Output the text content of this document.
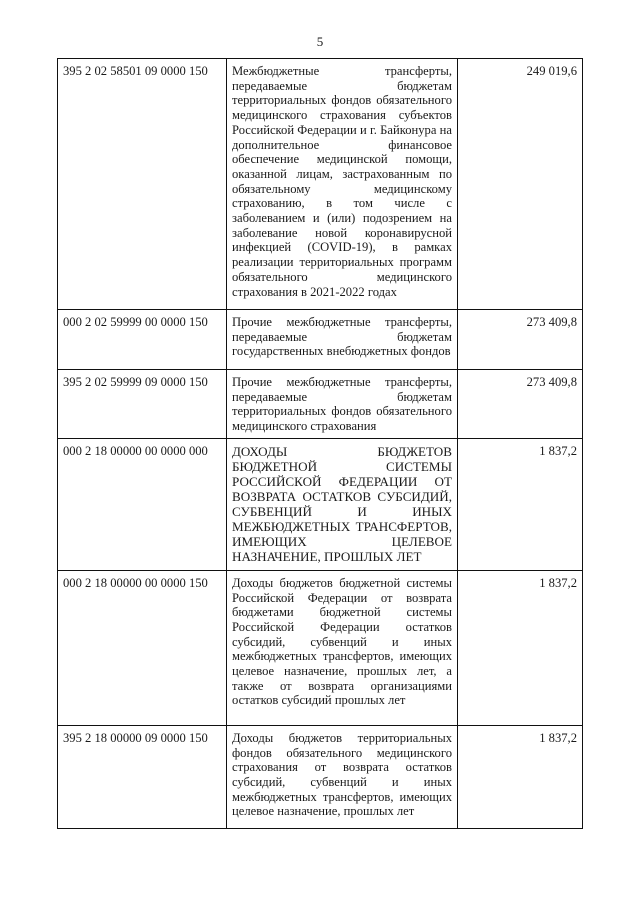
5
395 2 02 58501 09 0000 150	Межбюджетные трансферты, передаваемые бюджетам территориальных фондов обязательного медицинского страхования субъектов Российской Федерации и г. Байконура на дополнительное финансовое обеспечение медицинской помощи, оказанной лицам, застрахованным по обязательному медицинскому страхованию, в том числе с заболеванием и (или) подозрением на заболевание новой коронавирусной инфекцией (COVID-19), в рамках реализации территориальных программ обязательного медицинского страхования в 2021-2022 годах	249 019,6
000 2 02 59999 00 0000 150	Прочие межбюджетные трансферты, передаваемые бюджетам государственных внебюджетных фондов	273 409,8
395 2 02 59999 09 0000 150	Прочие межбюджетные трансферты, передаваемые бюджетам территориальных фондов обязательного медицинского страхования	273 409,8
000 2 18 00000 00 0000 000	ДОХОДЫ БЮДЖЕТОВ БЮДЖЕТНОЙ СИСТЕМЫ РОССИЙСКОЙ ФЕДЕРАЦИИ ОТ ВОЗВРАТА ОСТАТКОВ СУБСИДИЙ, СУБВЕНЦИЙ И ИНЫХ МЕЖБЮДЖЕТНЫХ ТРАНСФЕРТОВ, ИМЕЮЩИХ ЦЕЛЕВОЕ НАЗНАЧЕНИЕ, ПРОШЛЫХ ЛЕТ	1 837,2
000 2 18 00000 00 0000 150	Доходы бюджетов бюджетной системы Российской Федерации от возврата бюджетами бюджетной системы Российской Федерации остатков субсидий, субвенций и иных межбюджетных трансфертов, имеющих целевое назначение, прошлых лет, а также от возврата организациями остатков субсидий прошлых лет	1 837,2
395 2 18 00000 09 0000 150	Доходы бюджетов территориальных фондов обязательного медицинского страхования от возврата остатков субсидий, субвенций и иных межбюджетных трансфертов, имеющих целевое назначение, прошлых лет	1 837,2
